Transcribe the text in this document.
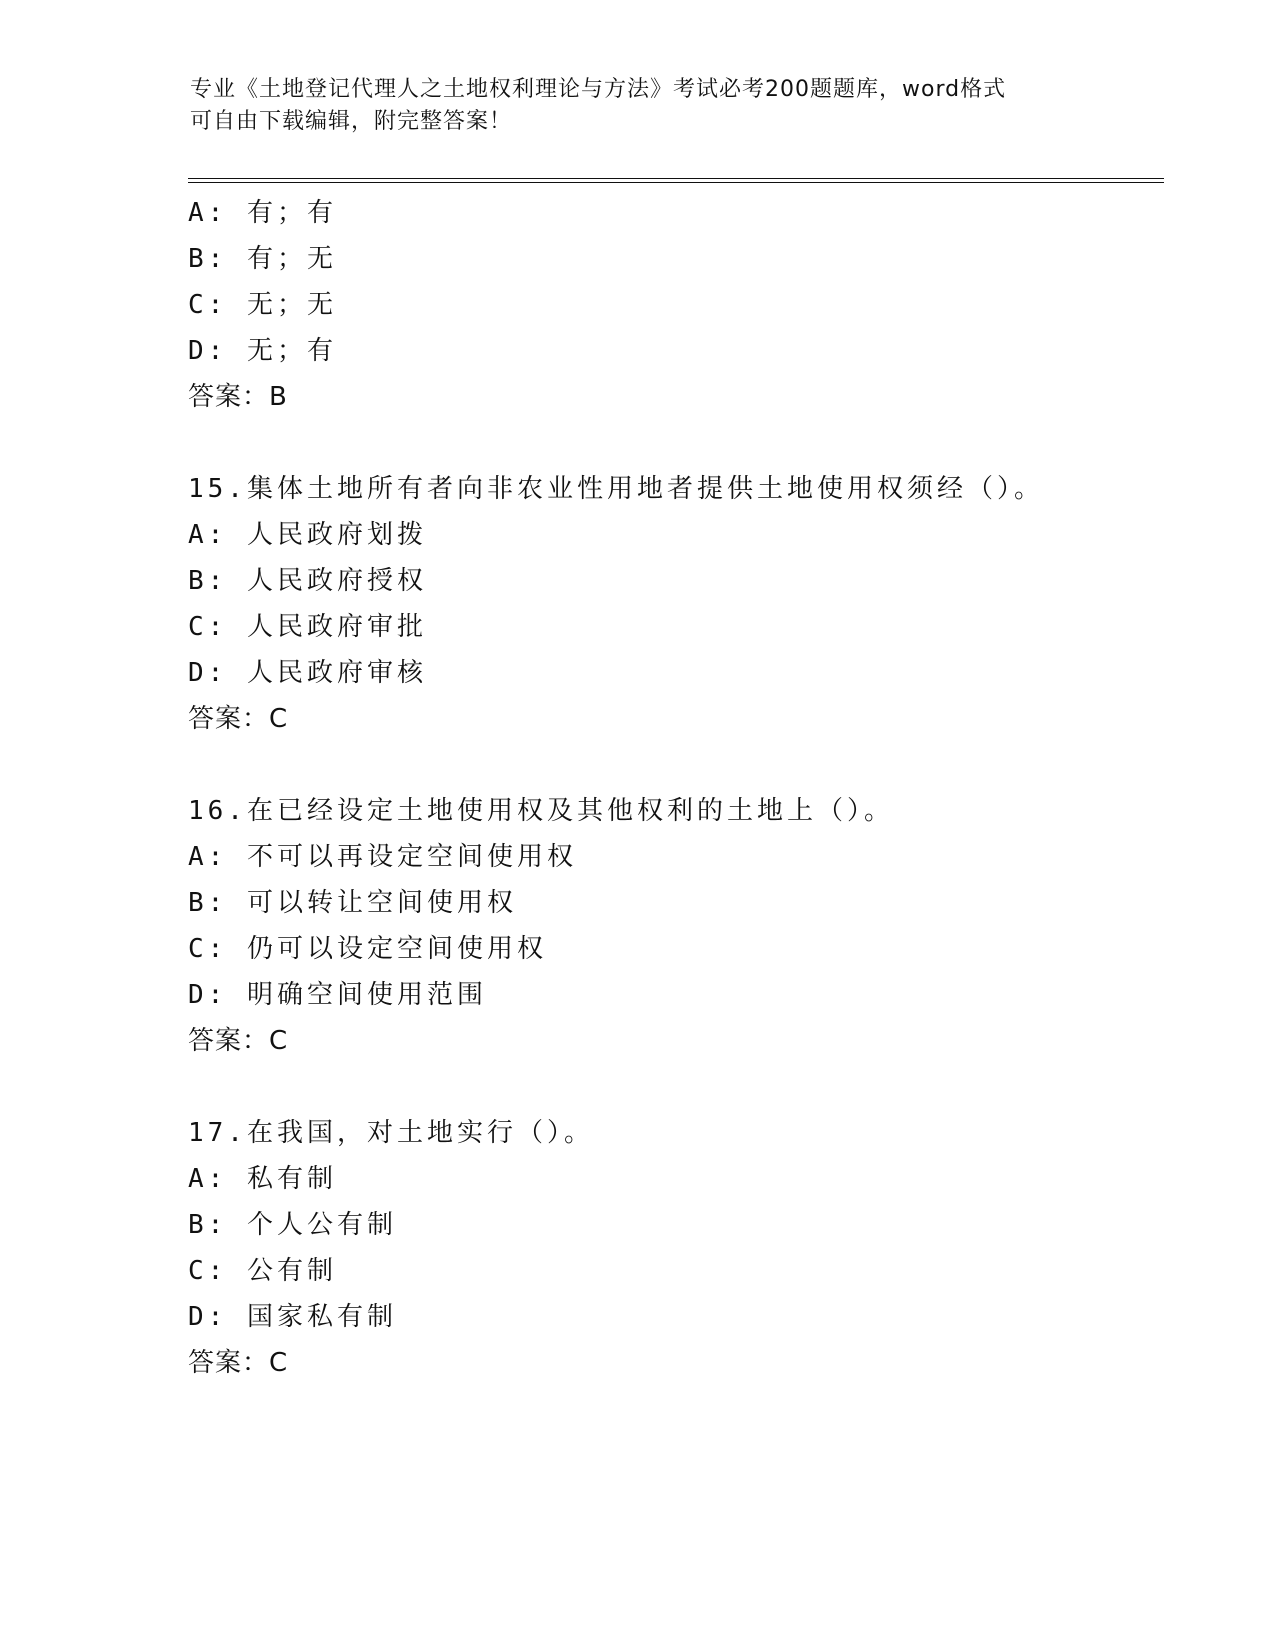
专业《土地登记代理人之土地权利理论与方法》考试必考200题题库，word格式
可自由下载编辑，附完整答案！
A: 有；有
B: 有；无
C: 无；无
D: 无；有
答案：B
15.集体土地所有者向非农业性用地者提供土地使用权须经（）。
A: 人民政府划拨
B: 人民政府授权
C: 人民政府审批
D: 人民政府审核
答案：C
16.在已经设定土地使用权及其他权利的土地上（）。
A: 不可以再设定空间使用权
B: 可以转让空间使用权
C: 仍可以设定空间使用权
D: 明确空间使用范围
答案：C
17.在我国，对土地实行（）。
A: 私有制
B: 个人公有制
C: 公有制
D: 国家私有制
答案：C
